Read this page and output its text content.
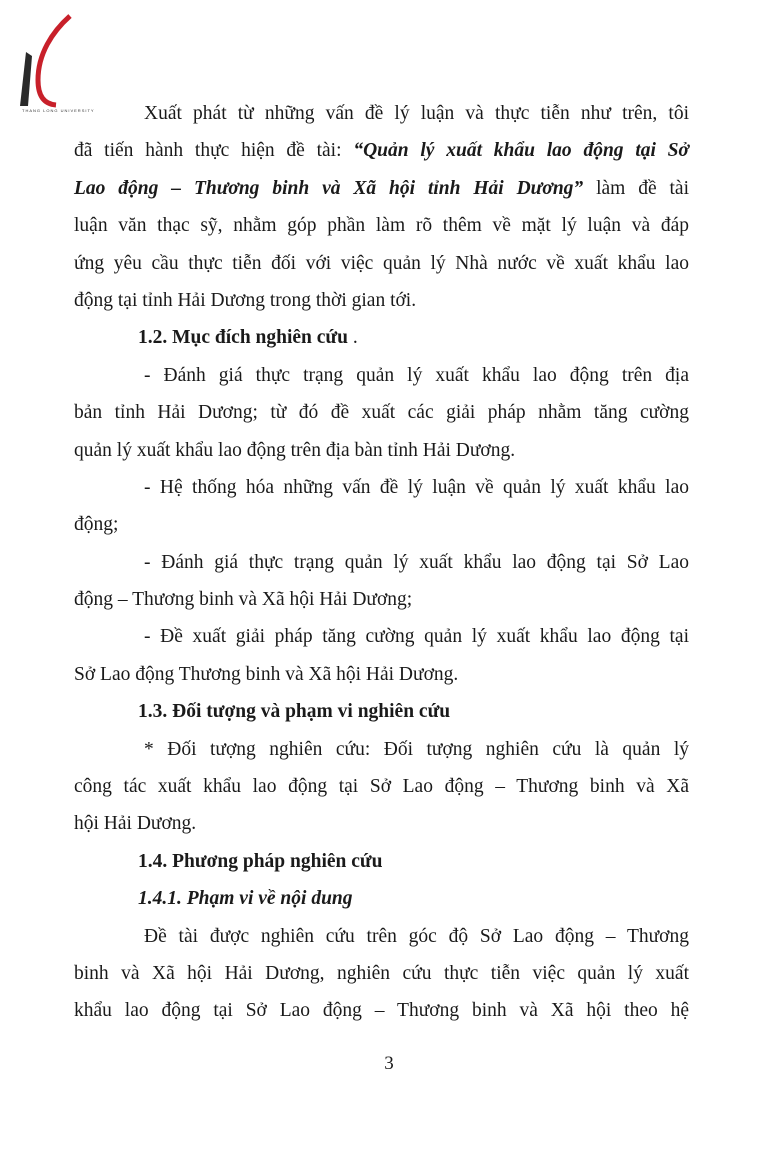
THANG LONG UNIVERSITY	Xuất phát từ những vấn đề lý luận và thực tiễn như trên, tôi
đã tiến hành thực hiện đề tài: “Quản lý xuất khẩu lao động tại Sở
Lao động – Thương binh và Xã hội tỉnh Hải Dương” làm đề tài
luận văn thạc sỹ, nhằm góp phần làm rõ thêm về mặt lý luận và đáp
ứng yêu cầu thực tiễn đối với việc quản lý Nhà nước về xuất khẩu lao
động tại tỉnh Hải Dương trong thời gian tới.
1.2. Mục đích nghiên cứu .
- Đánh giá thực trạng quản lý xuất khẩu lao động trên địa
bản tỉnh Hải Dương; từ đó đề xuất các giải pháp nhằm tăng cường
quản lý xuất khẩu lao động trên địa bàn tỉnh Hải Dương.
- Hệ thống hóa những vấn đề lý luận về quản lý xuất khẩu lao
động;
- Đánh giá thực trạng quản lý xuất khẩu lao động tại Sở Lao
động – Thương binh và Xã hội Hải Dương;
- Đề xuất giải pháp tăng cường quản lý xuất khẩu lao động tại
Sở Lao động Thương binh và Xã hội Hải Dương.
1.3. Đối tượng và phạm vi nghiên cứu
* Đối tượng nghiên cứu: Đối tượng nghiên cứu là quản lý
công tác xuất khẩu lao động tại Sở Lao động – Thương binh và Xã
hội Hải Dương.
1.4. Phương pháp nghiên cứu
1.4.1. Phạm vi về nội dung
Đề tài được nghiên cứu trên góc độ Sở Lao động – Thương
binh và Xã hội Hải Dương, nghiên cứu thực tiễn việc quản lý xuất
khẩu lao động tại Sở Lao động – Thương binh và Xã hội theo hệ
3
